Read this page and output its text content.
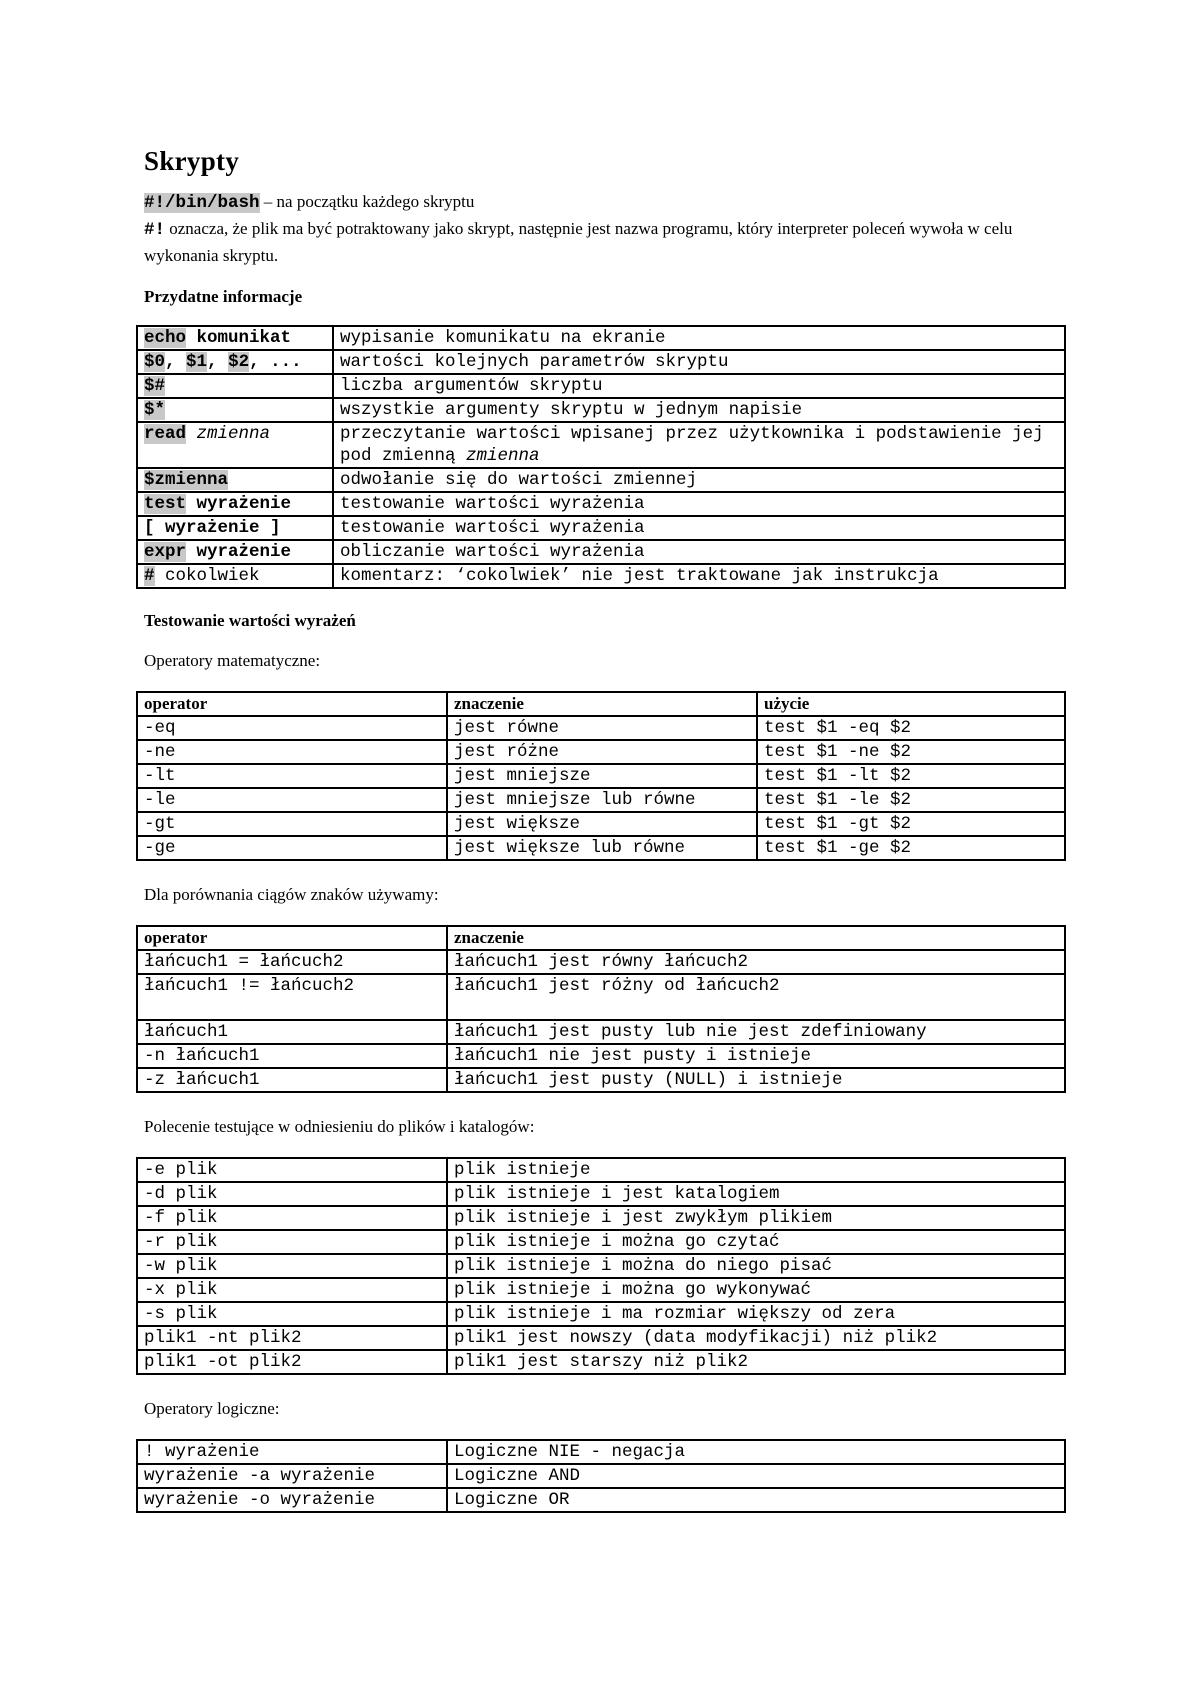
Skrypty
#!/bin/bash – na początku każdego skryptu
#! oznacza, że plik ma być potraktowany jako skrypt, następnie jest nazwa programu, który interpreter poleceń wywoła w celu wykonania skryptu.
Przydatne informacje
echo komunikat	wypisanie komunikatu na ekranie
$0, $1, $2, ...	wartości kolejnych parametrów skryptu
$#	liczba argumentów skryptu
$*	wszystkie argumenty skryptu w jednym napisie
read zmienna	przeczytanie wartości wpisanej przez użytkownika i podstawienie jej pod zmienną zmienna
$zmienna	odwołanie się do wartości zmiennej
test wyrażenie	testowanie wartości wyrażenia
[ wyrażenie ]	testowanie wartości wyrażenia
expr wyrażenie	obliczanie wartości wyrażenia
# cokolwiek	komentarz: ‘cokolwiek’ nie jest traktowane jak instrukcja
Testowanie wartości wyrażeń
Operatory matematyczne:
operator	znaczenie	użycie
-eq	jest równe	test $1 -eq $2
-ne	jest różne	test $1 -ne $2
-lt	jest mniejsze	test $1 -lt $2
-le	jest mniejsze lub równe	test $1 -le $2
-gt	jest większe	test $1 -gt $2
-ge	jest większe lub równe	test $1 -ge $2
Dla porównania ciągów znaków używamy:
operator	znaczenie
łańcuch1 = łańcuch2	łańcuch1 jest równy łańcuch2
łańcuch1 != łańcuch2	łańcuch1 jest różny od łańcuch2
łańcuch1	łańcuch1 jest pusty lub nie jest zdefiniowany
-n łańcuch1	łańcuch1 nie jest pusty i istnieje
-z łańcuch1	łańcuch1 jest pusty (NULL) i istnieje
Polecenie testujące w odniesieniu do plików i katalogów:
-e plik	plik istnieje
-d plik	plik istnieje i jest katalogiem
-f plik	plik istnieje i jest zwykłym plikiem
-r plik	plik istnieje i można go czytać
-w plik	plik istnieje i można do niego pisać
-x plik	plik istnieje i można go wykonywać
-s plik	plik istnieje i ma rozmiar większy od zera
plik1 -nt plik2	plik1 jest nowszy (data modyfikacji) niż plik2
plik1 -ot plik2	plik1 jest starszy niż plik2
Operatory logiczne:
! wyrażenie	Logiczne NIE - negacja
wyrażenie -a wyrażenie	Logiczne AND
wyrażenie -o wyrażenie	Logiczne OR
